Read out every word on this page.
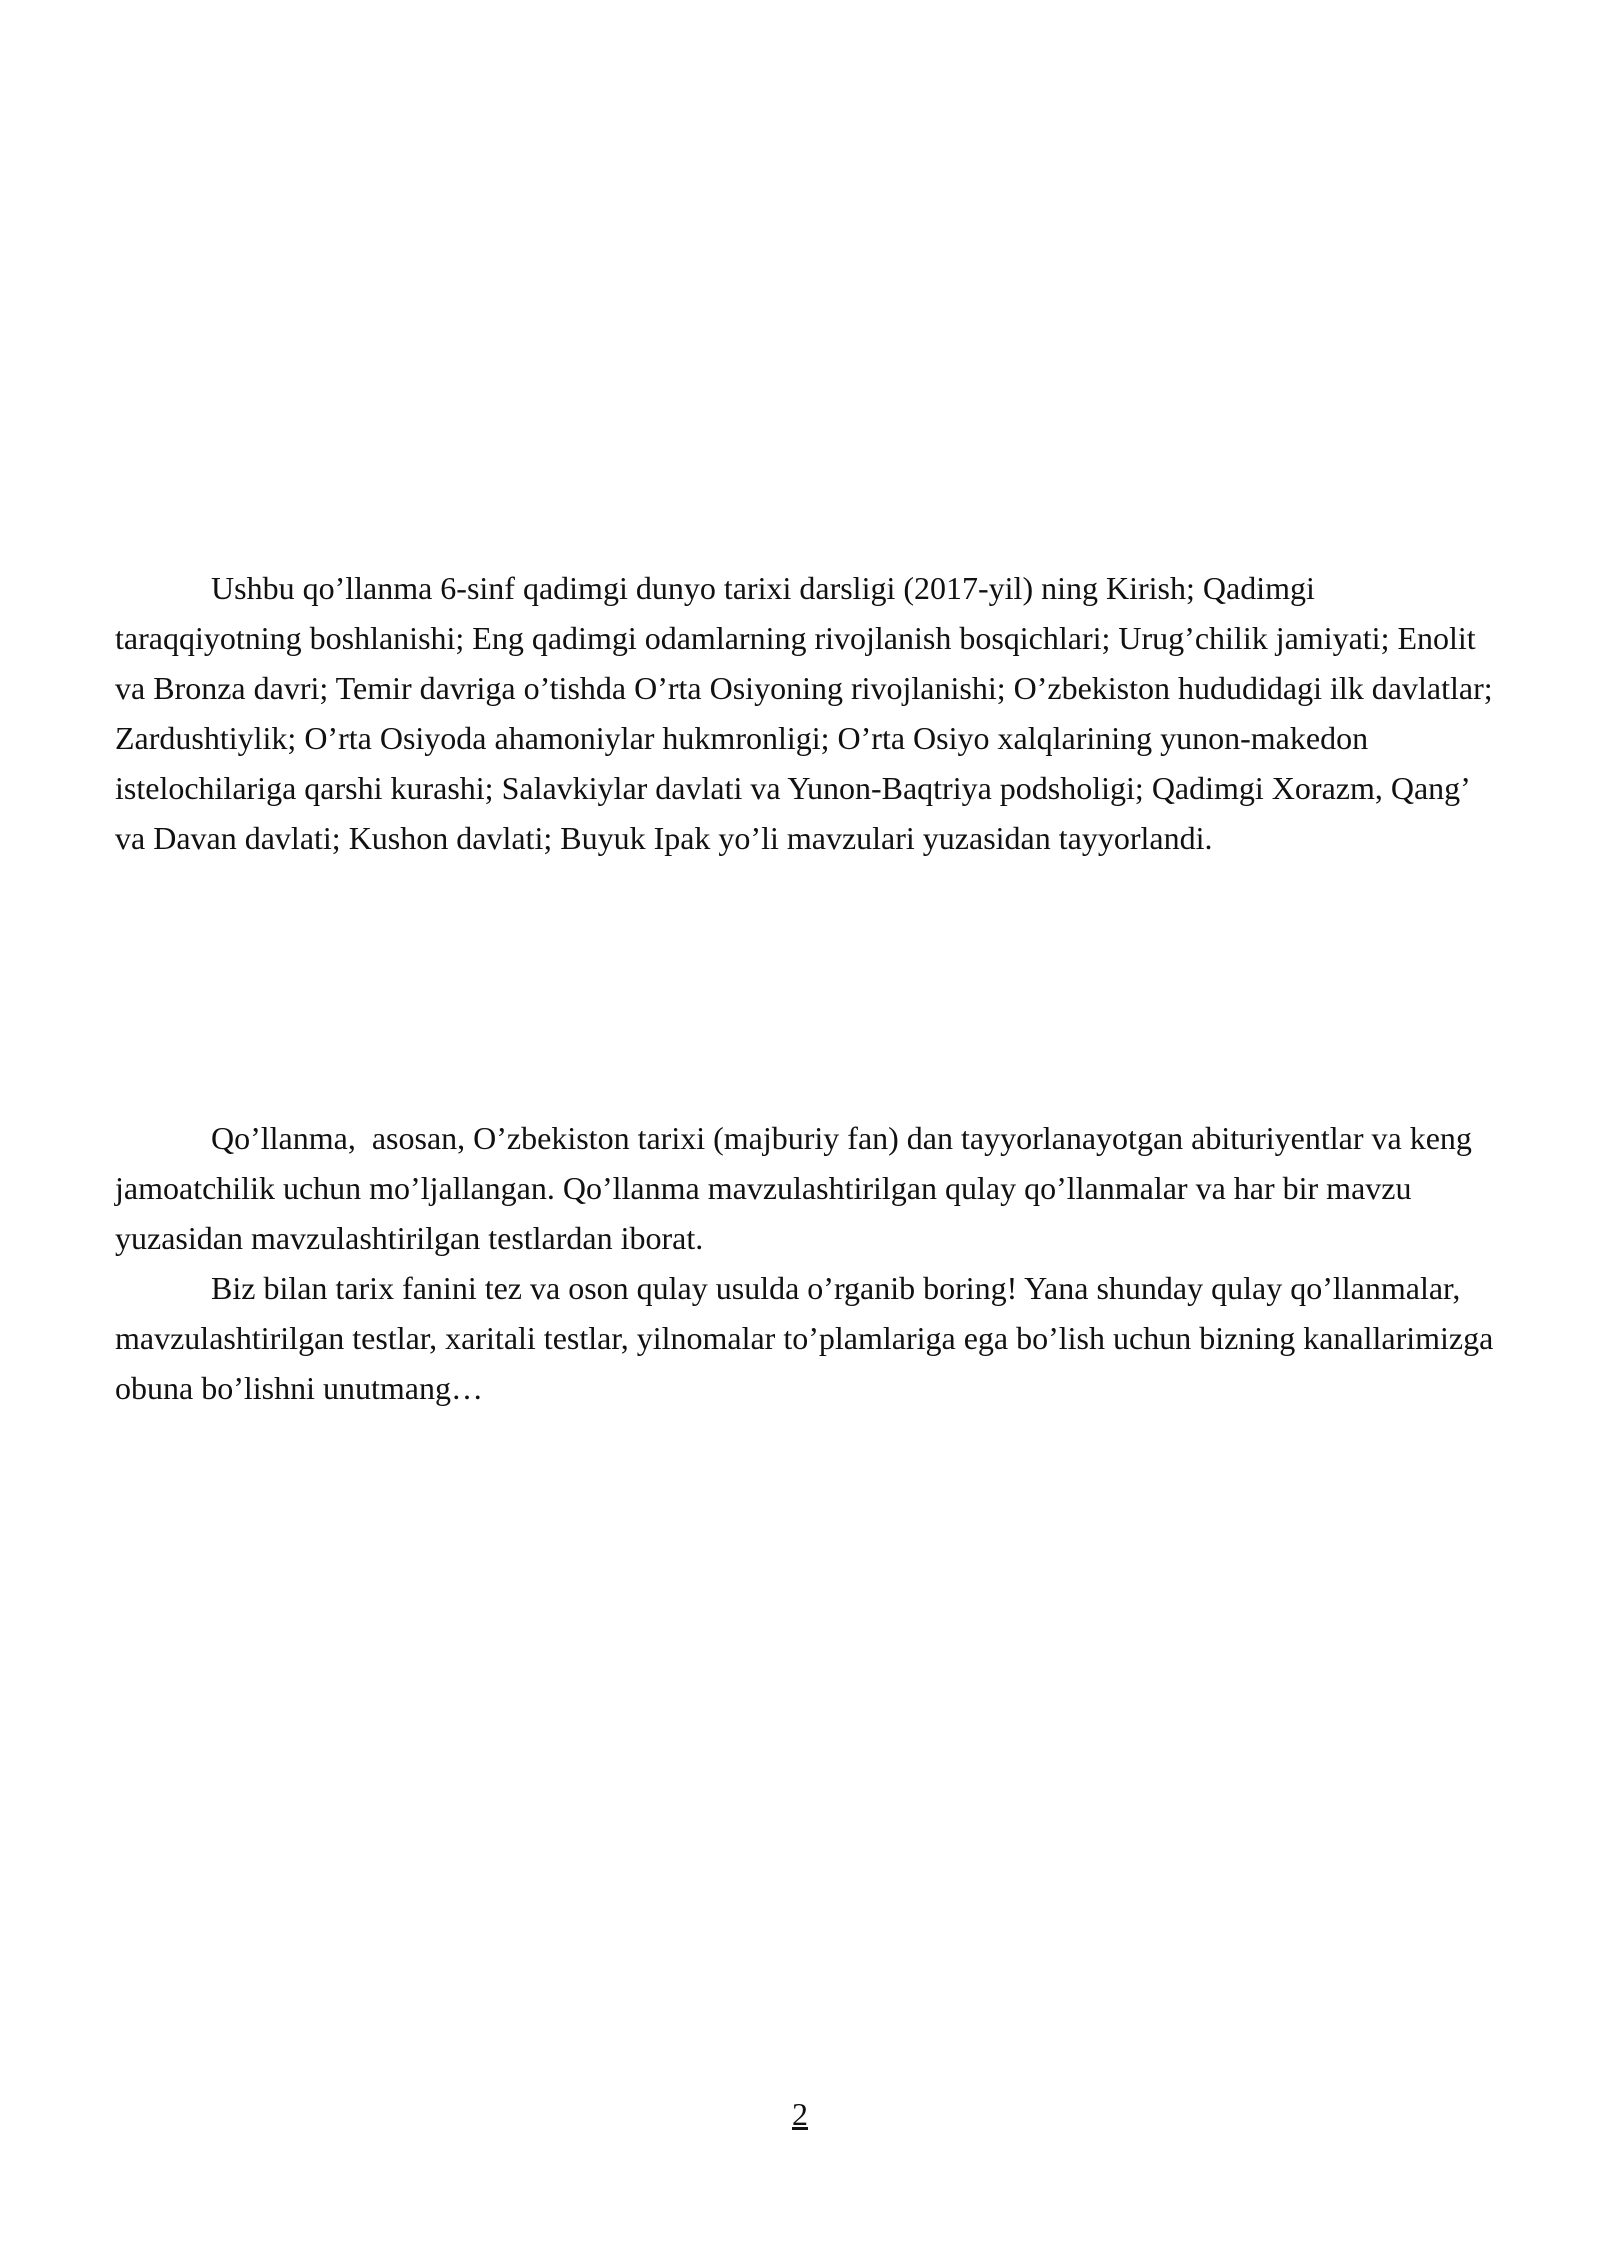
Ushbu qo’llanma 6-sinf qadimgi dunyo tarixi darsligi (2017-yil) ning Kirish; Qadimgi taraqqiyotning boshlanishi; Eng qadimgi odamlarning rivojlanish bosqichlari; Urug’chilik jamiyati; Enolit va Bronza davri; Temir davriga o’tishda O’rta Osiyoning rivojlanishi; O’zbekiston hududidagi ilk davlatlar; Zardushtiylik; O’rta Osiyoda ahamoniylar hukmronligi; O’rta Osiyo xalqlarining yunon-makedon istelochilariga qarshi kurashi; Salavkiylar davlati va Yunon-Baqtriya podsholigi; Qadimgi Xorazm, Qang’ va Davan davlati; Kushon davlati; Buyuk Ipak yo’li mavzulari yuzasidan tayyorlandi.

Qo’llanma,  asosan, O’zbekiston tarixi (majburiy fan) dan tayyorlanayotgan abituriyentlar va keng jamoatchilik uchun mo’ljallangan. Qo’llanma mavzulashtirilgan qulay qo’llanmalar va har bir mavzu yuzasidan mavzulashtirilgan testlardan iborat.

Biz bilan tarix fanini tez va oson qulay usulda o’rganib boring! Yana shunday qulay qo’llanmalar, mavzulashtirilgan testlar, xaritali testlar, yilnomalar to’plamlariga ega bo’lish uchun bizning kanallarimizga obuna bo’lishni unutmang…

2
